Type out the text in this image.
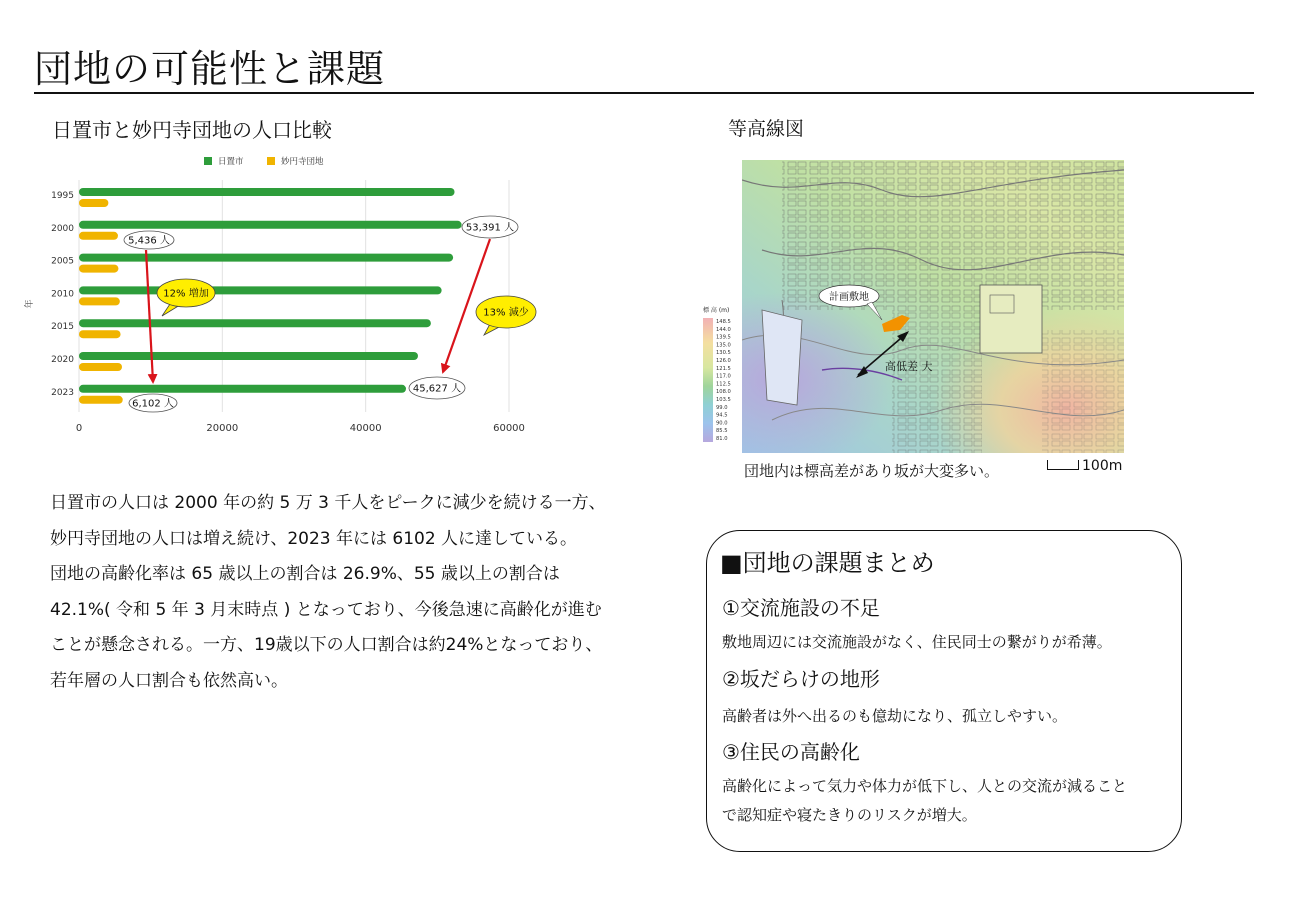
団地の可能性と課題
日置市と妙円寺団地の人口比較
日置市	妙円寺団地
1995
2000
2005
2010
2015
2020
2023
0	20000	40000	60000
年
5,436 人
53,391 人
45,627 人
6,102 人
12% 増加
13% 減少

日置市の人口は 2000 年の約 5 万 3 千人をピークに減少を続ける一方、

妙円寺団地の人口は増え続け、2023 年には 6102 人に達している。

団地の高齢化率は 65 歳以上の割合は 26.9%、55 歳以上の割合は

42.1%( 令和 5 年 3 月末時点 ) となっており、今後急速に高齢化が進む

ことが懸念される。一方、19歳以下の人口割合は約24%となっており、

若年層の人口割合も依然高い。

等高線図
標 高 (m)
148.5
144.0
139.5
135.0
130.5
126.0
121.5
117.0
112.5
108.0
103.5
99.0
94.5
90.0
85.5
81.0
計画敷地
高低差 大
団地内は標高差があり坂が大変多い。	100m
■団地の課題まとめ
①交流施設の不足
敷地周辺には交流施設がなく、住民同士の繋がりが希薄。
②坂だらけの地形
高齢者は外へ出るのも億劫になり、孤立しやすい。
③住民の高齢化
高齢化によって気力や体力が低下し、人との交流が減ること
で認知症や寝たきりのリスクが増大。
